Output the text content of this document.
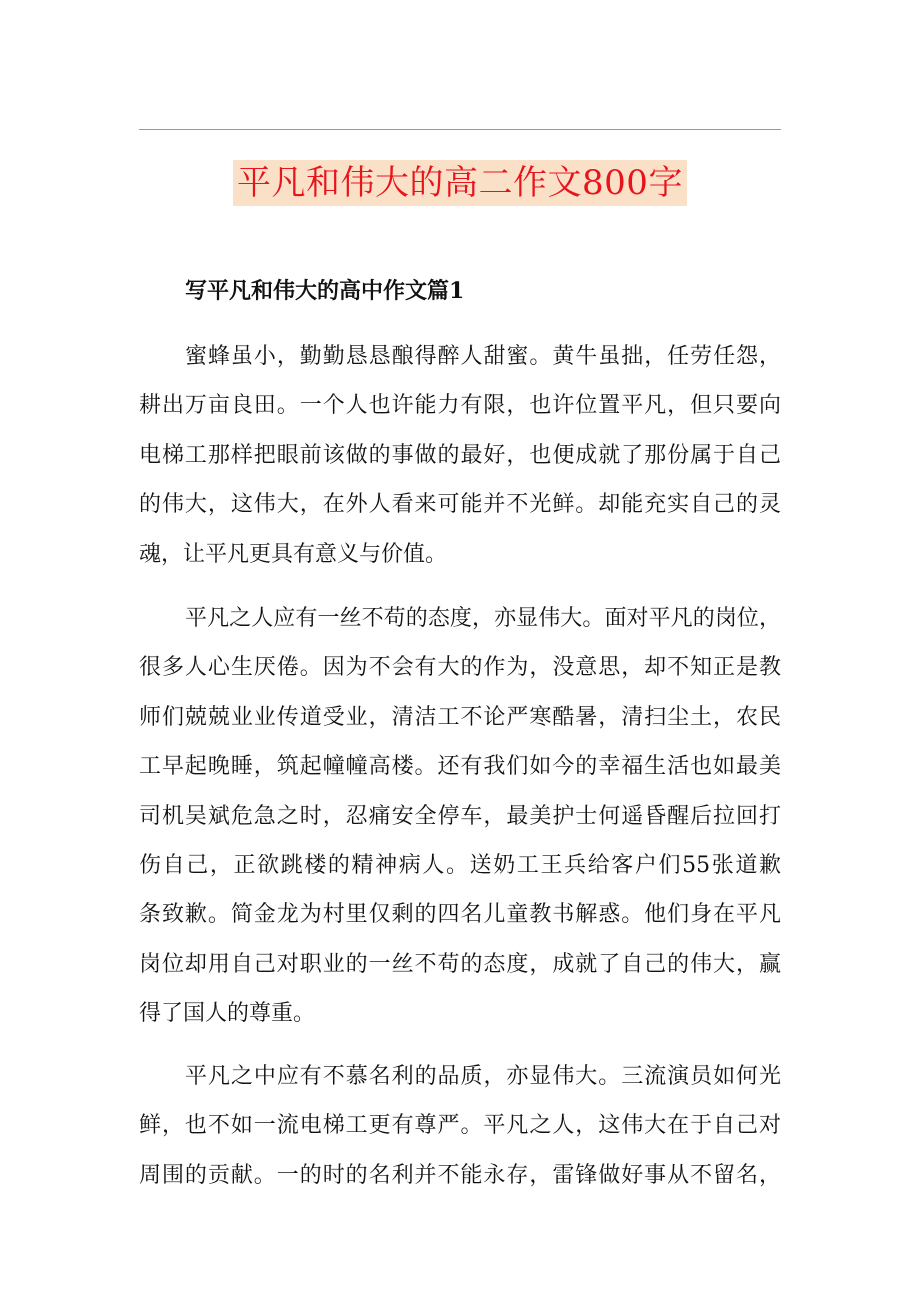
平凡和伟大的高二作文800字
写平凡和伟大的高中作文篇1
蜜蜂虽小，勤勤恳恳酿得醉人甜蜜。黄牛虽拙，任劳任怨，
耕出万亩良田。一个人也许能力有限，也许位置平凡，但只要向
电梯工那样把眼前该做的事做的最好，也便成就了那份属于自己
的伟大，这伟大，在外人看来可能并不光鲜。却能充实自己的灵
魂，让平凡更具有意义与价值。
平凡之人应有一丝不苟的态度，亦显伟大。面对平凡的岗位，
很多人心生厌倦。因为不会有大的作为，没意思，却不知正是教
师们兢兢业业传道受业，清洁工不论严寒酷暑，清扫尘土，农民
工早起晚睡，筑起幢幢高楼。还有我们如今的幸福生活也如最美
司机吴斌危急之时，忍痛安全停车，最美护士何遥昏醒后拉回打
伤自己，正欲跳楼的精神病人。送奶工王兵给客户们55张道歉
条致歉。简金龙为村里仅剩的四名儿童教书解惑。他们身在平凡
岗位却用自己对职业的一丝不苟的态度，成就了自己的伟大，赢
得了国人的尊重。
平凡之中应有不慕名利的品质，亦显伟大。三流演员如何光
鲜，也不如一流电梯工更有尊严。平凡之人，这伟大在于自己对
周围的贡献。一的时的名利并不能永存，雷锋做好事从不留名，
